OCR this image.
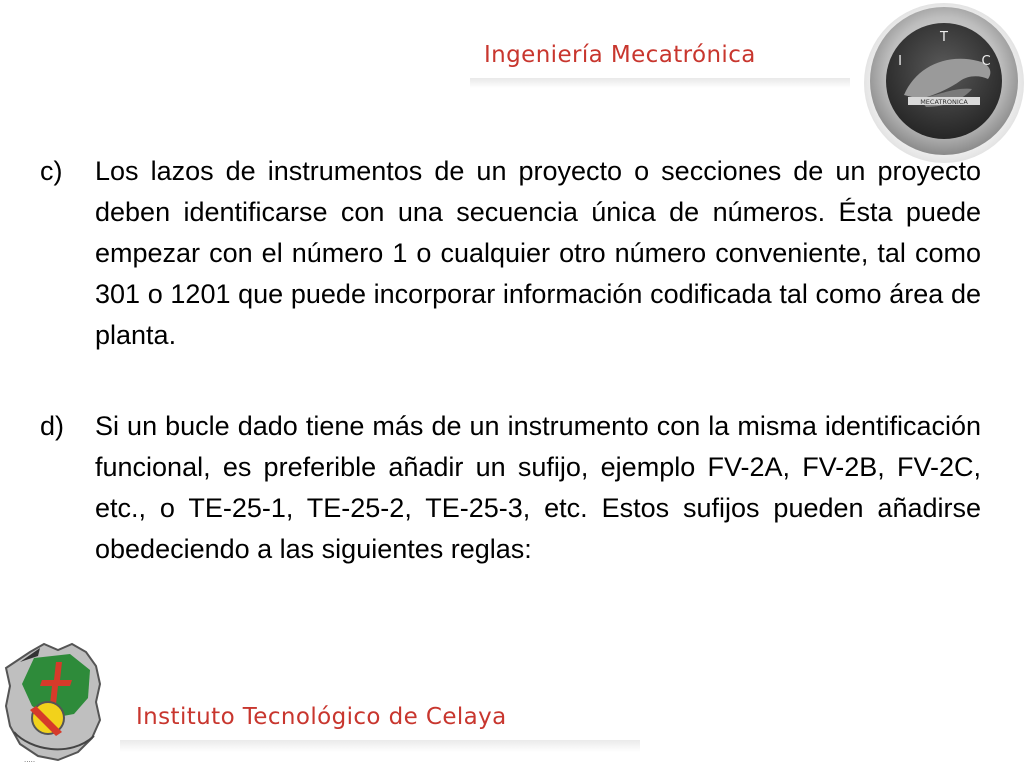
Ingeniería Mecatrónica
MECATRONICA
T
I	C
c)	Los lazos de instrumentos de un proyecto o secciones de un proyecto deben identificarse con una secuencia única de números. Ésta puede empezar con el número 1 o cualquier otro número conveniente, tal como 301 o 1201 que puede incorporar información codificada tal como área de planta.
d)	Si un bucle dado tiene más de un instrumento con la misma identificación funcional, es preferible añadir un sufijo, ejemplo FV-2A, FV-2B, FV-2C, etc., o TE-25-1, TE-25-2, TE-25-3, etc. Estos sufijos pueden añadirse obedeciendo a las siguientes reglas:
·····
Instituto Tecnológico de Celaya
